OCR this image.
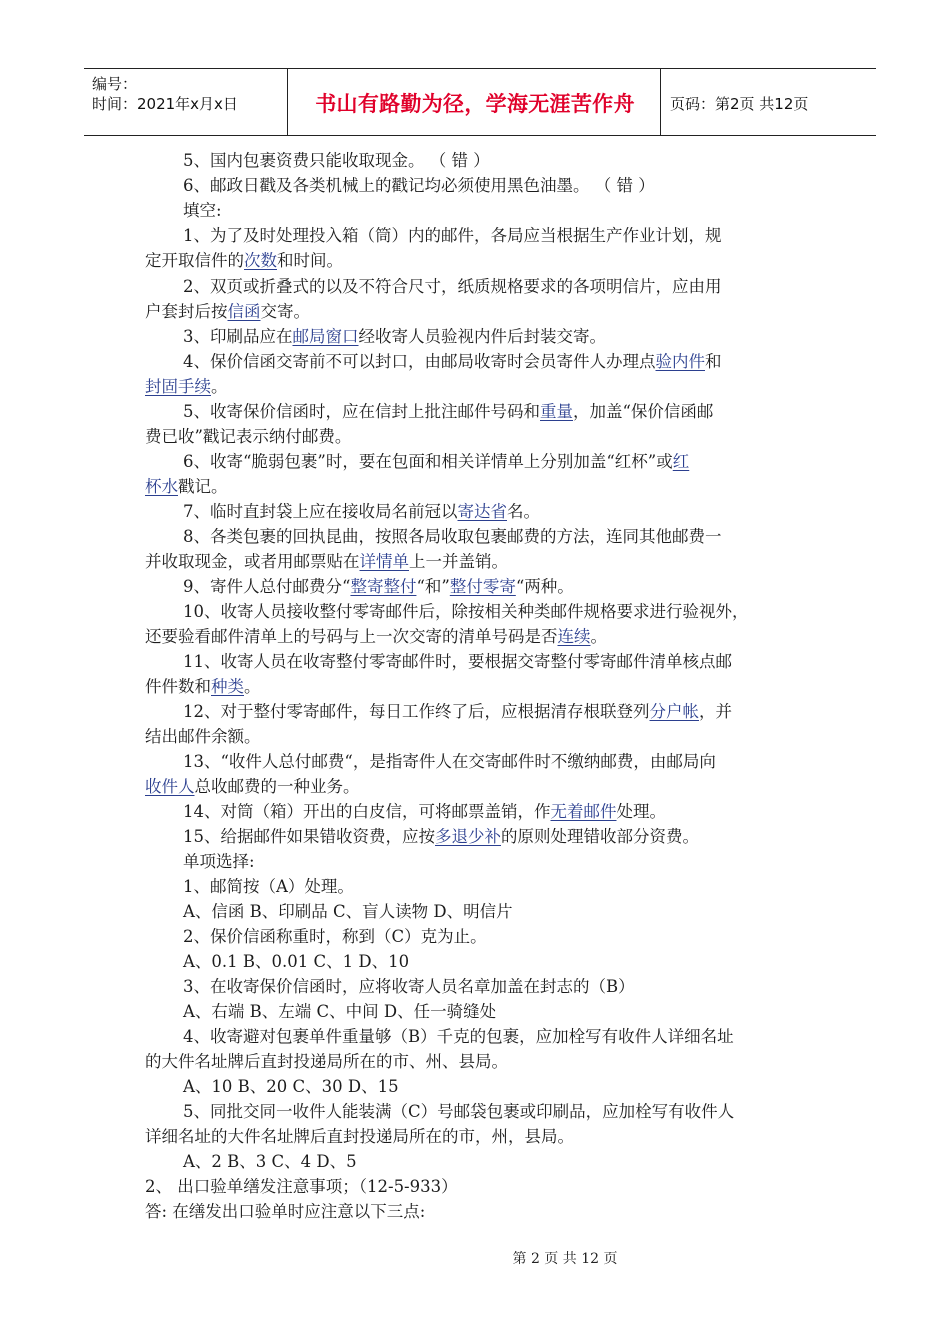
编号：
时间：2021年x月x日	书山有路勤为径，学海无涯苦作舟	页码：第2页 共12页
5、国内包裹资费只能收取现金。 （ 错 ）
6、邮政日戳及各类机械上的戳记均必须使用黑色油墨。 （ 错 ）
填空:
1、为了及时处理投入箱（筒）内的邮件，各局应当根据生产作业计划，规
定开取信件的次数和时间。
2、双页或折叠式的以及不符合尺寸，纸质规格要求的各项明信片，应由用
户套封后按信函交寄。
3、印刷品应在邮局窗口经收寄人员验视内件后封装交寄。
4、保价信函交寄前不可以封口，由邮局收寄时会员寄件人办理点验内件和
封固手续。
5、收寄保价信函时，应在信封上批注邮件号码和重量，加盖“保价信函邮
费已收”戳记表示纳付邮费。
6、收寄“脆弱包裹”时，要在包面和相关详情单上分别加盖“红杯”或红
杯水戳记。
7、临时直封袋上应在接收局名前冠以寄达省名。
8、各类包裹的回执昆曲，按照各局收取包裹邮费的方法，连同其他邮费一
并收取现金，或者用邮票贴在详情单上一并盖销。
9、寄件人总付邮费分“整寄整付“和”整付零寄“两种。
10、收寄人员接收整付零寄邮件后，除按相关种类邮件规格要求进行验视外，
还要验看邮件清单上的号码与上一次交寄的清单号码是否连续。
11、收寄人员在收寄整付零寄邮件时，要根据交寄整付零寄邮件清单核点邮
件件数和种类。
12、对于整付零寄邮件，每日工作终了后，应根据清存根联登列分户帐，并
结出邮件余额。
13、“收件人总付邮费“，是指寄件人在交寄邮件时不缴纳邮费，由邮局向
收件人总收邮费的一种业务。
14、对筒（箱）开出的白皮信，可将邮票盖销，作无着邮件处理。
15、给据邮件如果错收资费，应按多退少补的原则处理错收部分资费。
单项选择:
1、邮简按（A）处理。
A、信函 B、印刷品 C、盲人读物 D、明信片
2、保价信函称重时，称到（C）克为止。
A、0.1 B、0.01 C、1 D、10
3、在收寄保价信函时，应将收寄人员名章加盖在封志的（B）
A、右端 B、左端 C、中间 D、任一骑缝处
4、收寄避对包裹单件重量够（B）千克的包裹，应加栓写有收件人详细名址
的大件名址牌后直封投递局所在的市、州、县局。
A、10 B、20 C、30 D、15
5、同批交同一收件人能装满（C）号邮袋包裹或印刷品，应加栓写有收件人
详细名址的大件名址牌后直封投递局所在的市，州，县局。
A、2 B、3 C、4 D、5
2、 出口验单缮发注意事项；（12-5-933）
答: 在缮发出口验单时应注意以下三点:
第 2 页 共 12 页
